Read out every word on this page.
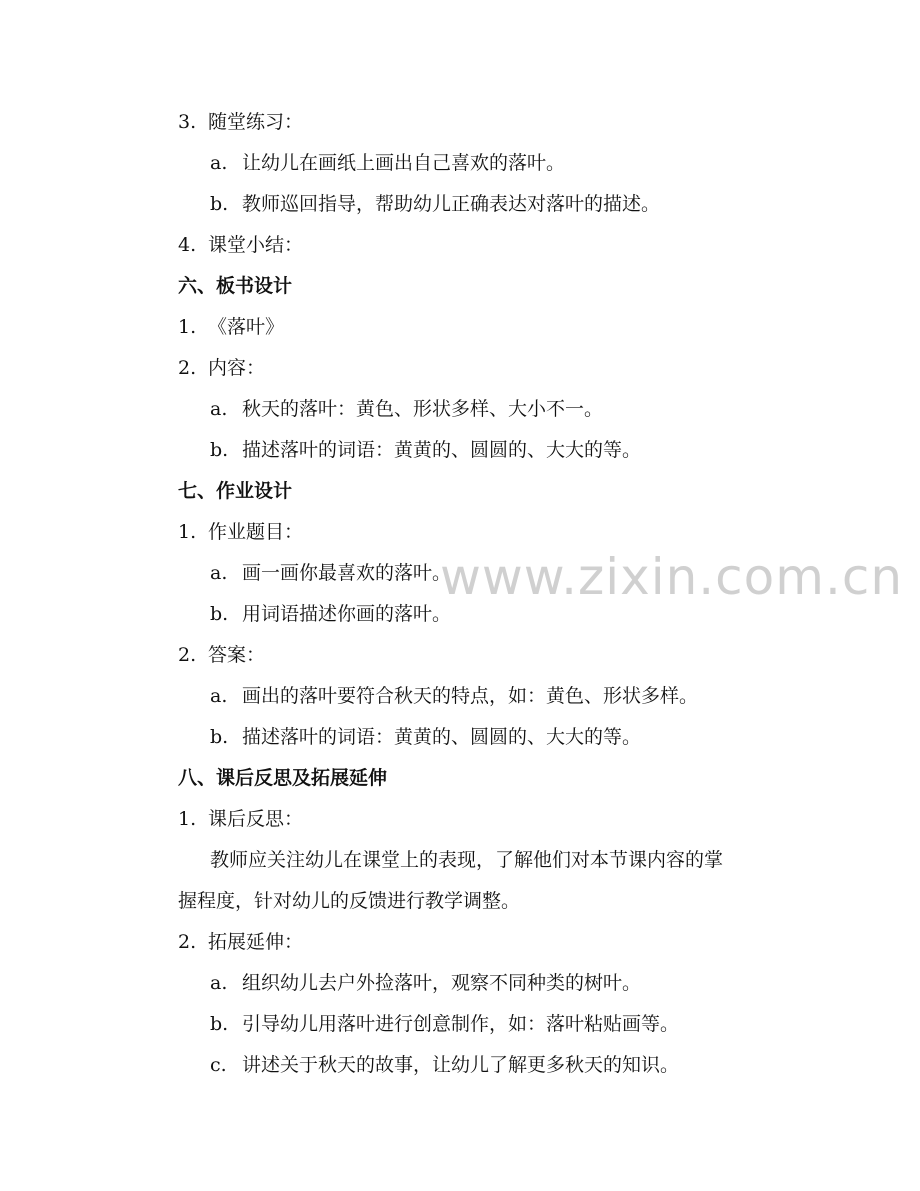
3. 随堂练习：
a. 让幼儿在画纸上画出自己喜欢的落叶。
b. 教师巡回指导，帮助幼儿正确表达对落叶的描述。
4. 课堂小结：
六、板书设计
1. 《落叶》
2. 内容：
a. 秋天的落叶：黄色、形状多样、大小不一。
b. 描述落叶的词语：黄黄的、圆圆的、大大的等。
七、作业设计
1. 作业题目：
a. 画一画你最喜欢的落叶。
b. 用词语描述你画的落叶。
2. 答案：
a. 画出的落叶要符合秋天的特点，如：黄色、形状多样。
b. 描述落叶的词语：黄黄的、圆圆的、大大的等。
八、课后反思及拓展延伸
1. 课后反思：
教师应关注幼儿在课堂上的表现，了解他们对本节课内容的掌
握程度，针对幼儿的反馈进行教学调整。
2. 拓展延伸：
a. 组织幼儿去户外捡落叶，观察不同种类的树叶。
b. 引导幼儿用落叶进行创意制作，如：落叶粘贴画等。
c. 讲述关于秋天的故事，让幼儿了解更多秋天的知识。
www.zixin.com.cn
